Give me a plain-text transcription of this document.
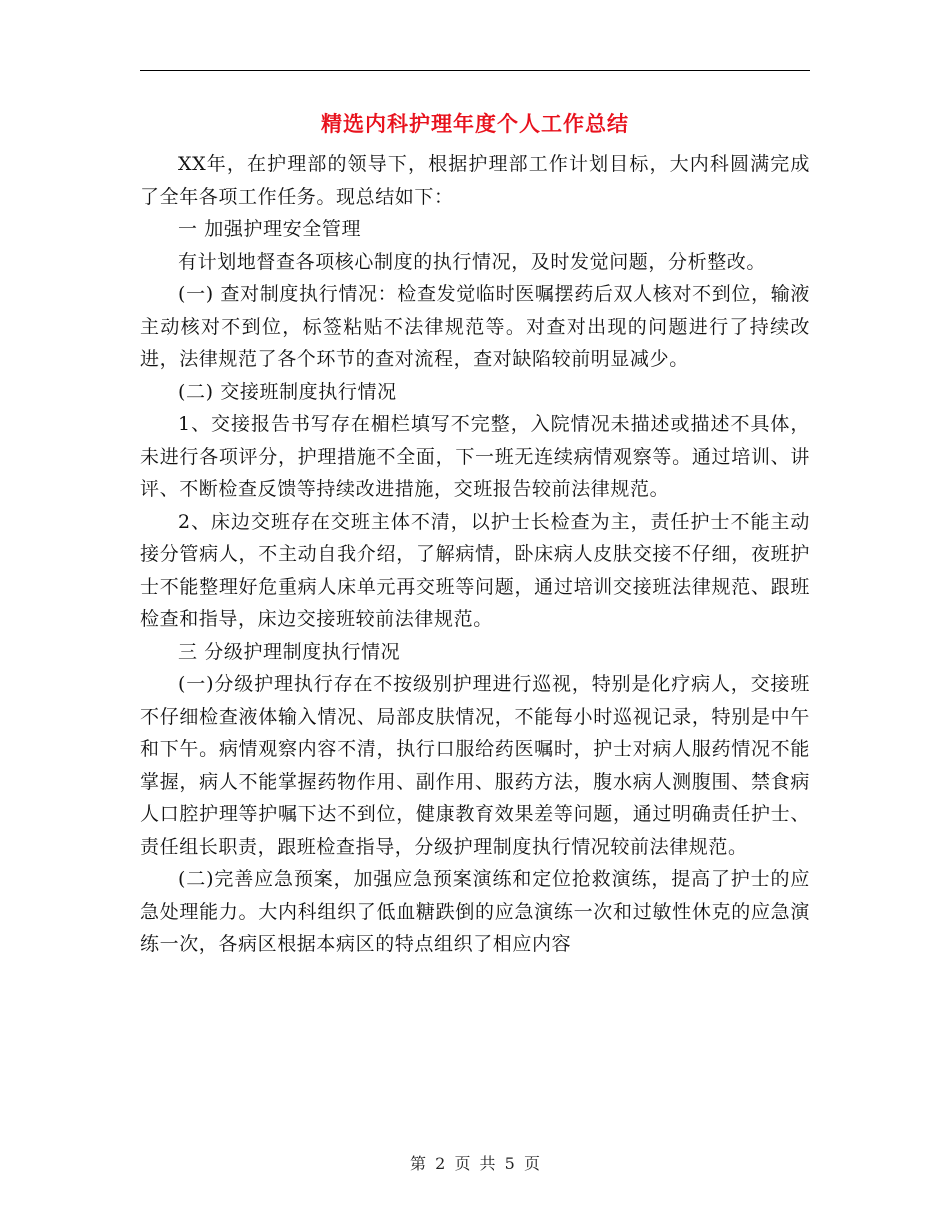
精选内科护理年度个人工作总结

XX年，在护理部的领导下，根据护理部工作计划目标，大内科圆满完成了全年各项工作任务。现总结如下：

一 加强护理安全管理

有计划地督查各项核心制度的执行情况，及时发觉问题，分析整改。

(一) 查对制度执行情况：检查发觉临时医嘱摆药后双人核对不到位，输液主动核对不到位，标签粘贴不法律规范等。对查对出现的问题进行了持续改进，法律规范了各个环节的查对流程，查对缺陷较前明显减少。

(二) 交接班制度执行情况

1、交接报告书写存在楣栏填写不完整，入院情况未描述或描述不具体，未进行各项评分，护理措施不全面，下一班无连续病情观察等。通过培训、讲评、不断检查反馈等持续改进措施，交班报告较前法律规范。

2、床边交班存在交班主体不清，以护士长检查为主，责任护士不能主动接分管病人，不主动自我介绍，了解病情，卧床病人皮肤交接不仔细，夜班护士不能整理好危重病人床单元再交班等问题，通过培训交接班法律规范、跟班检查和指导，床边交接班较前法律规范。

三 分级护理制度执行情况

(一)分级护理执行存在不按级别护理进行巡视，特别是化疗病人，交接班不仔细检查液体输入情况、局部皮肤情况，不能每小时巡视记录，特别是中午和下午。病情观察内容不清，执行口服给药医嘱时，护士对病人服药情况不能掌握，病人不能掌握药物作用、副作用、服药方法，腹水病人测腹围、禁食病人口腔护理等护嘱下达不到位，健康教育效果差等问题，通过明确责任护士、责任组长职责，跟班检查指导，分级护理制度执行情况较前法律规范。

(二)完善应急预案，加强应急预案演练和定位抢救演练，提高了护士的应急处理能力。大内科组织了低血糖跌倒的应急演练一次和过敏性休克的应急演练一次，各病区根据本病区的特点组织了相应内容

第 2 页 共 5 页
